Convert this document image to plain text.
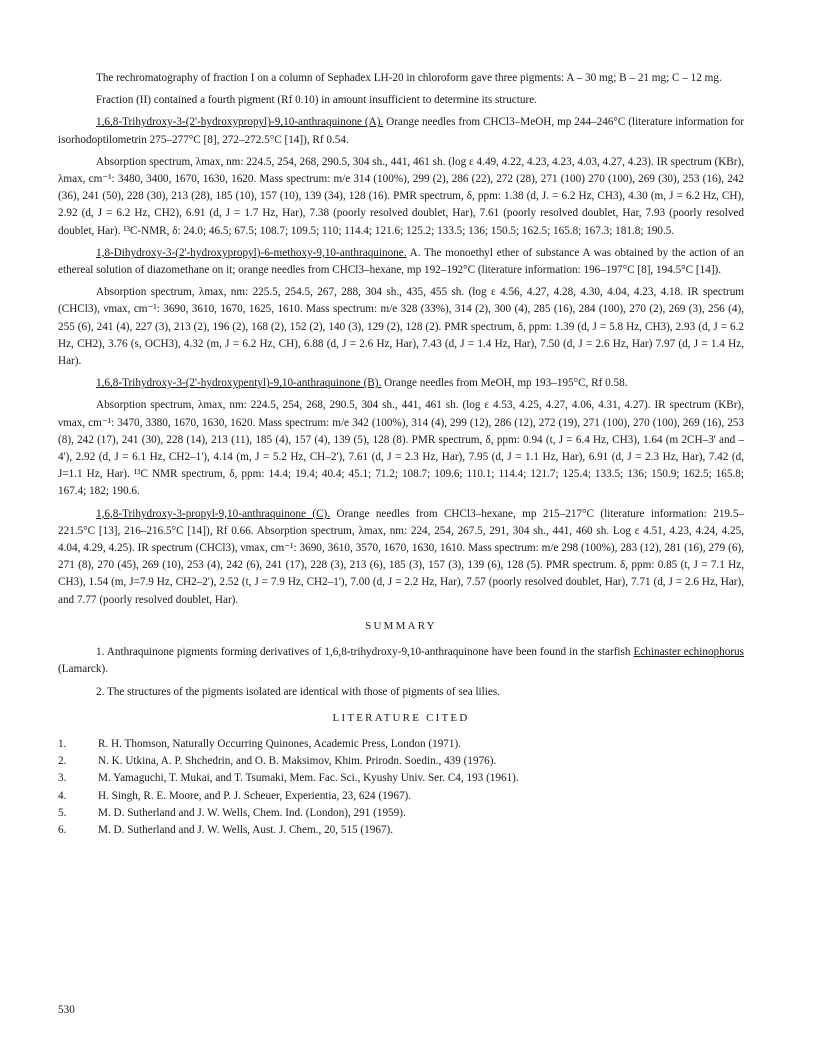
The rechromatography of fraction I on a column of Sephadex LH-20 in chloroform gave three pigments: A – 30 mg; B – 21 mg; C – 12 mg.

Fraction (II) contained a fourth pigment (Rf 0.10) in amount insufficient to determine its structure.

1,6,8-Trihydroxy-3-(2'-hydroxypropyl)-9,10-anthraquinone (A). Orange needles from CHCl3–MeOH, mp 244–246°C (literature information for isorhodoptilometrin 275–277°C [8], 272–272.5°C [14]), Rf 0.54.

Absorption spectrum, λmax, nm: 224.5, 254, 268, 290.5, 304 sh., 441, 461 sh. (log ε 4.49, 4.22, 4.23, 4.23, 4.03, 4.27, 4.23). IR spectrum (KBr), λmax, cm⁻¹: 3480, 3400, 1670, 1630, 1620. Mass spectrum: m/e 314 (100%), 299 (2), 286 (22), 272 (28), 271 (100) 270 (100), 269 (30), 253 (16), 242 (36), 241 (50), 228 (30), 213 (28), 185 (10), 157 (10), 139 (34), 128 (16). PMR spectrum, δ, ppm: 1.38 (d, J. = 6.2 Hz, CH3), 4.30 (m, J = 6.2 Hz, CH), 2.92 (d, J = 6.2 Hz, CH2), 6.91 (d, J = 1.7 Hz, Har), 7.38 (poorly resolved doublet, Har), 7.61 (poorly resolved doublet, Har, 7.93 (poorly resolved doublet, Har). ¹³C-NMR, δ: 24.0; 46.5; 67.5; 108.7; 109.5; 110; 114.4; 121.6; 125.2; 133.5; 136; 150.5; 162.5; 165.8; 167.3; 181.8; 190.5.

1,8-Dihydroxy-3-(2'-hydroxypropyl)-6-methoxy-9,10-anthraquinone. A. The monoethyl ether of substance A was obtained by the action of an ethereal solution of diazomethane on it; orange needles from CHCl3–hexane, mp 192–192°C (literature information: 196–197°C [8], 194.5°C [14]).

Absorption spectrum, λmax, nm: 225.5, 254.5, 267, 288, 304 sh., 435, 455 sh. (log ε 4.56, 4.27, 4.28, 4.30, 4.04, 4.23, 4.18. IR spectrum (CHCl3), νmax, cm⁻¹: 3690, 3610, 1670, 1625, 1610. Mass spectrum: m/e 328 (33%), 314 (2), 300 (4), 285 (16), 284 (100), 270 (2), 269 (3), 256 (4), 255 (6), 241 (4), 227 (3), 213 (2), 196 (2), 168 (2), 152 (2), 140 (3), 129 (2), 128 (2). PMR spectrum, δ, ppm: 1.39 (d, J = 5.8 Hz, CH3), 2.93 (d, J = 6.2 Hz, CH2), 3.76 (s, OCH3), 4.32 (m, J = 6.2 Hz, CH), 6.88 (d, J = 2.6 Hz, Har), 7.43 (d, J = 1.4 Hz, Har), 7.50 (d, J = 2.6 Hz, Har) 7.97 (d, J = 1.4 Hz, Har).

1,6,8-Trihydroxy-3-(2'-hydroxypentyl)-9,10-anthraquinone (B). Orange needles from MeOH, mp 193–195°C, Rf 0.58.

Absorption spectrum, λmax, nm: 224.5, 254, 268, 290.5, 304 sh., 441, 461 sh. (log ε 4.53, 4.25, 4.27, 4.06, 4.31, 4.27). IR spectrum (KBr), νmax, cm⁻¹: 3470, 3380, 1670, 1630, 1620. Mass spectrum: m/e 342 (100%), 314 (4), 299 (12), 286 (12), 272 (19), 271 (100), 270 (100), 269 (16), 253 (8), 242 (17), 241 (30), 228 (14), 213 (11), 185 (4), 157 (4), 139 (5), 128 (8). PMR spectrum, δ, ppm: 0.94 (t, J = 6.4 Hz, CH3), 1.64 (m 2CH–3' and –4'), 2.92 (d, J = 6.1 Hz, CH2–1'), 4.14 (m, J = 5.2 Hz, CH–2'), 7.61 (d, J = 2.3 Hz, Har), 7.95 (d, J = 1.1 Hz, Har), 6.91 (d, J = 2.3 Hz, Har), 7.42 (d, J=1.1 Hz, Har). ¹³C NMR spectrum, δ, ppm: 14.4; 19.4; 40.4; 45.1; 71.2; 108.7; 109.6; 110.1; 114.4; 121.7; 125.4; 133.5; 136; 150.9; 162.5; 165.8; 167.4; 182; 190.6.

1,6,8-Trihydroxy-3-propyl-9,10-anthraquinone (C). Orange needles from CHCl3–hexane, mp 215–217°C (literature information: 219.5–221.5°C [13], 216–216.5°C [14]), Rf 0.66. Absorption spectrum, λmax, nm: 224, 254, 267.5, 291, 304 sh., 441, 460 sh. Log ε 4.51, 4.23, 4.24, 4.25, 4.04, 4.29, 4.25). IR spectrum (CHCl3), νmax, cm⁻¹: 3690, 3610, 3570, 1670, 1630, 1610. Mass spectrum: m/e 298 (100%), 283 (12), 281 (16), 279 (6), 271 (8), 270 (45), 269 (10), 253 (4), 242 (6), 241 (17), 228 (3), 213 (6), 185 (3), 157 (3), 139 (6), 128 (5). PMR spectrum. δ, ppm: 0.85 (t, J = 7.1 Hz, CH3), 1.54 (m, J=7.9 Hz, CH2–2'), 2.52 (t, J = 7.9 Hz, CH2–1'), 7.00 (d, J = 2.2 Hz, Har), 7.57 (poorly resolved doublet, Har), 7.71 (d, J = 2.6 Hz, Har), and 7.77 (poorly resolved doublet, Har).

SUMMARY

1. Anthraquinone pigments forming derivatives of 1,6,8-trihydroxy-9,10-anthraquinone have been found in the starfish Echinaster echinophorus (Lamarck).

2. The structures of the pigments isolated are identical with those of pigments of sea lilies.

LITERATURE CITED
1.	R. H. Thomson, Naturally Occurring Quinones, Academic Press, London (1971).
2.	N. K. Utkina, A. P. Shchedrin, and O. B. Maksimov, Khim. Prirodn. Soedin., 439 (1976).
3.	M. Yamaguchi, T. Mukai, and T. Tsumaki, Mem. Fac. Sci., Kyushy Univ. Ser. C4, 193 (1961).
4.	H. Singh, R. E. Moore, and P. J. Scheuer, Experientia, 23, 624 (1967).
5.	M. D. Sutherland and J. W. Wells, Chem. Ind. (London), 291 (1959).
6.	M. D. Sutherland and J. W. Wells, Aust. J. Chem., 20, 515 (1967).
530
